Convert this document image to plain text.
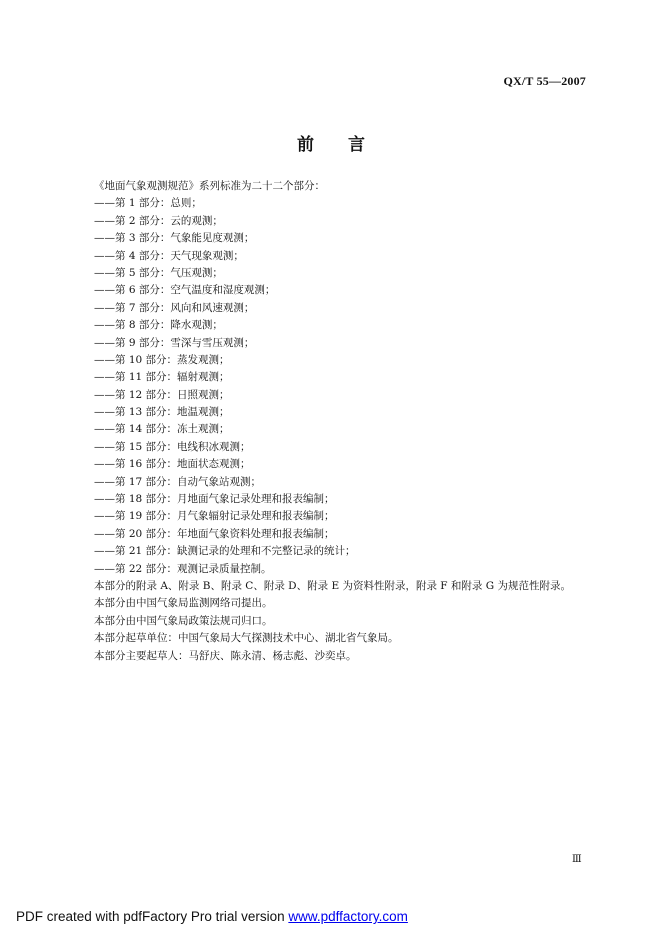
QX/T 55—2007
前 言
《地面气象观测规范》系列标准为二十二个部分：
——第 1 部分：总则；
——第 2 部分：云的观测；
——第 3 部分：气象能见度观测；
——第 4 部分：天气现象观测；
——第 5 部分：气压观测；
——第 6 部分：空气温度和湿度观测；
——第 7 部分：风向和风速观测；
——第 8 部分：降水观测；
——第 9 部分：雪深与雪压观测；
——第 10 部分：蒸发观测；
——第 11 部分：辐射观测；
——第 12 部分：日照观测；
——第 13 部分：地温观测；
——第 14 部分：冻土观测；
——第 15 部分：电线积冰观测；
——第 16 部分：地面状态观测；
——第 17 部分：自动气象站观测；
——第 18 部分：月地面气象记录处理和报表编制；
——第 19 部分：月气象辐射记录处理和报表编制；
——第 20 部分：年地面气象资料处理和报表编制；
——第 21 部分：缺测记录的处理和不完整记录的统计；
——第 22 部分：观测记录质量控制。
本部分的附录 A、附录 B、附录 C、附录 D、附录 E 为资料性附录，附录 F 和附录 G 为规范性附录。
本部分由中国气象局监测网络司提出。
本部分由中国气象局政策法规司归口。
本部分起草单位：中国气象局大气探测技术中心、湖北省气象局。
本部分主要起草人：马舒庆、陈永清、杨志彪、沙奕卓。
Ⅲ
PDF created with pdfFactory Pro trial version www.pdffactory.com
